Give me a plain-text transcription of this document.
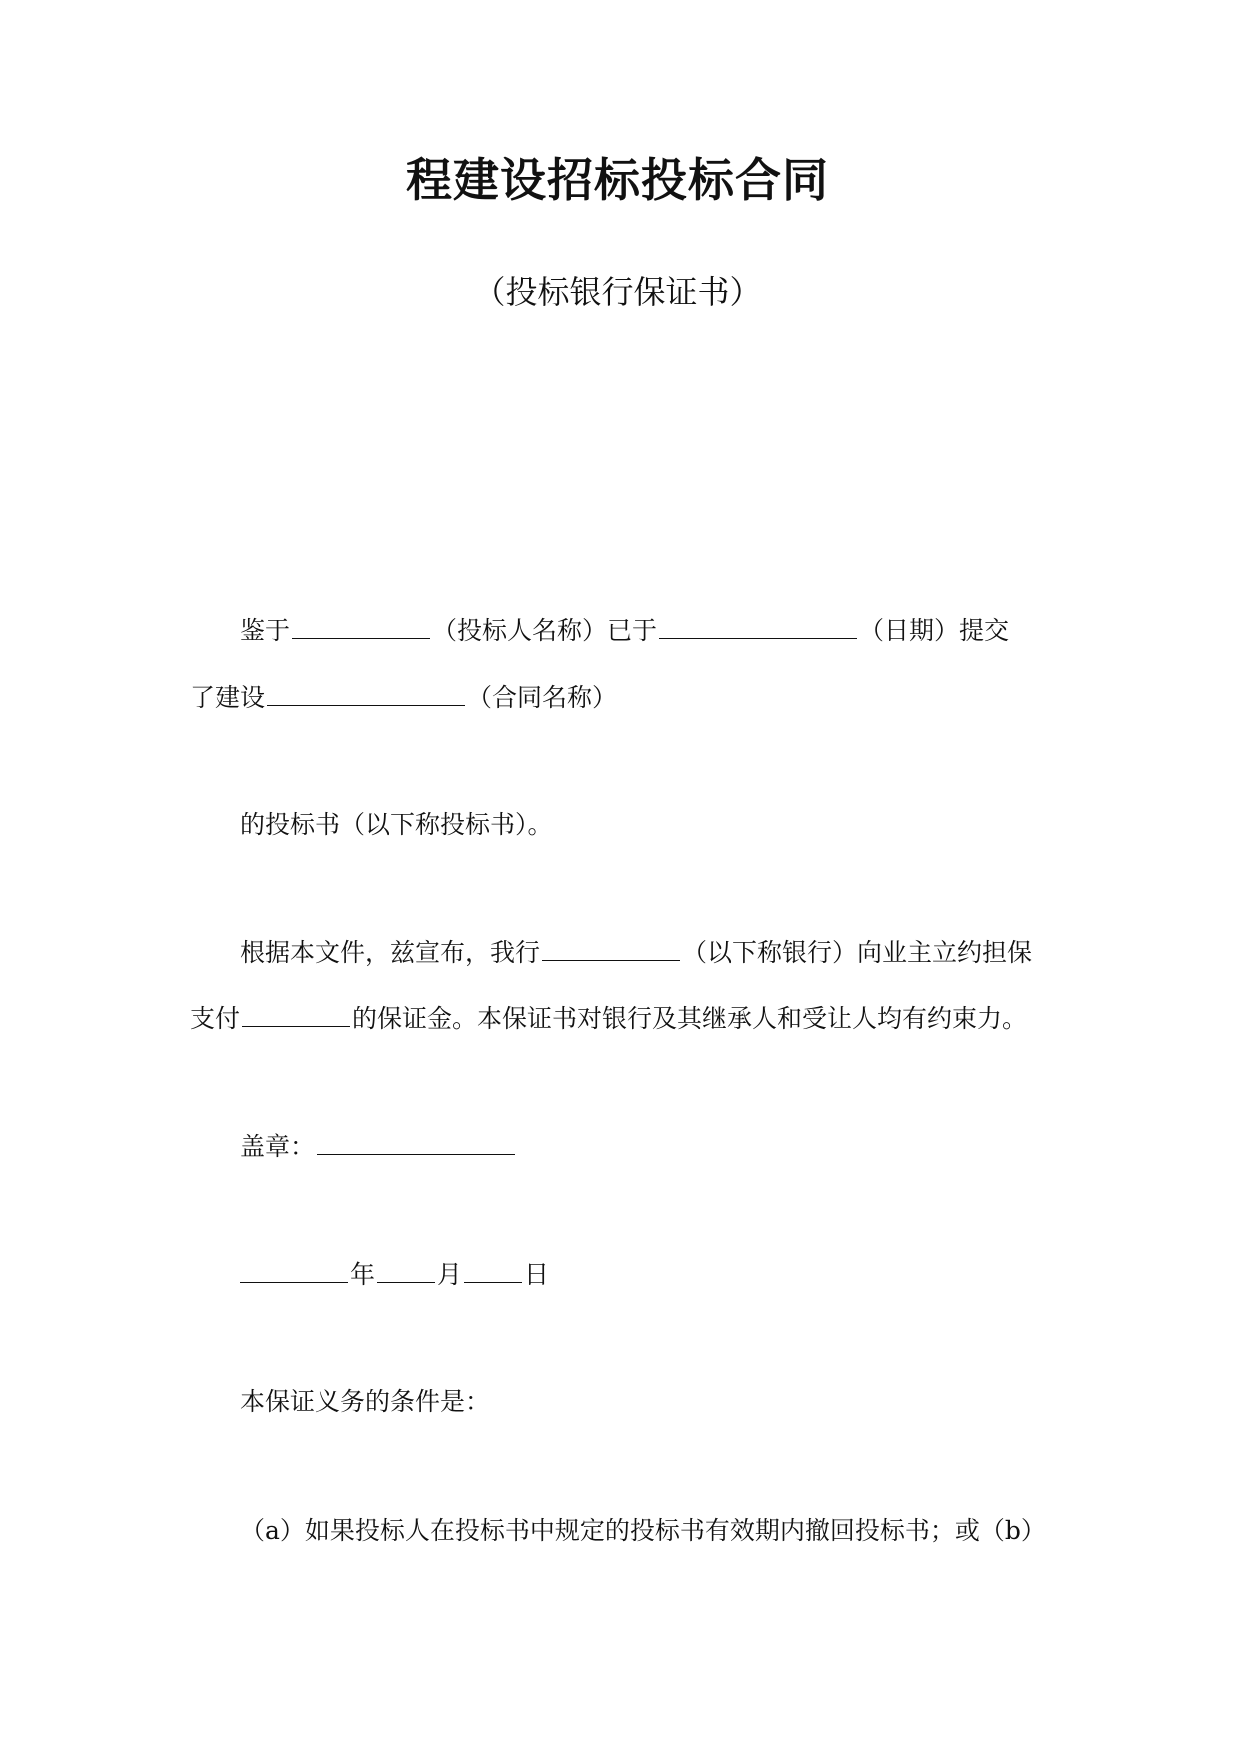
程建设招标投标合同
（投标银行保证书）
鉴于	（投标人名称）已于	（日期）提交
了建设	（合同名称）
的投标书（以下称投标书）。
根据本文件，兹宣布，我行	（以下称银行）向业主立约担保
支付	的保证金。本保证书对银行及其继承人和受让人均有约束力。
盖章：
年 月 日
本保证义务的条件是：
（a）如果投标人在投标书中规定的投标书有效期内撤回投标书；或（b）
